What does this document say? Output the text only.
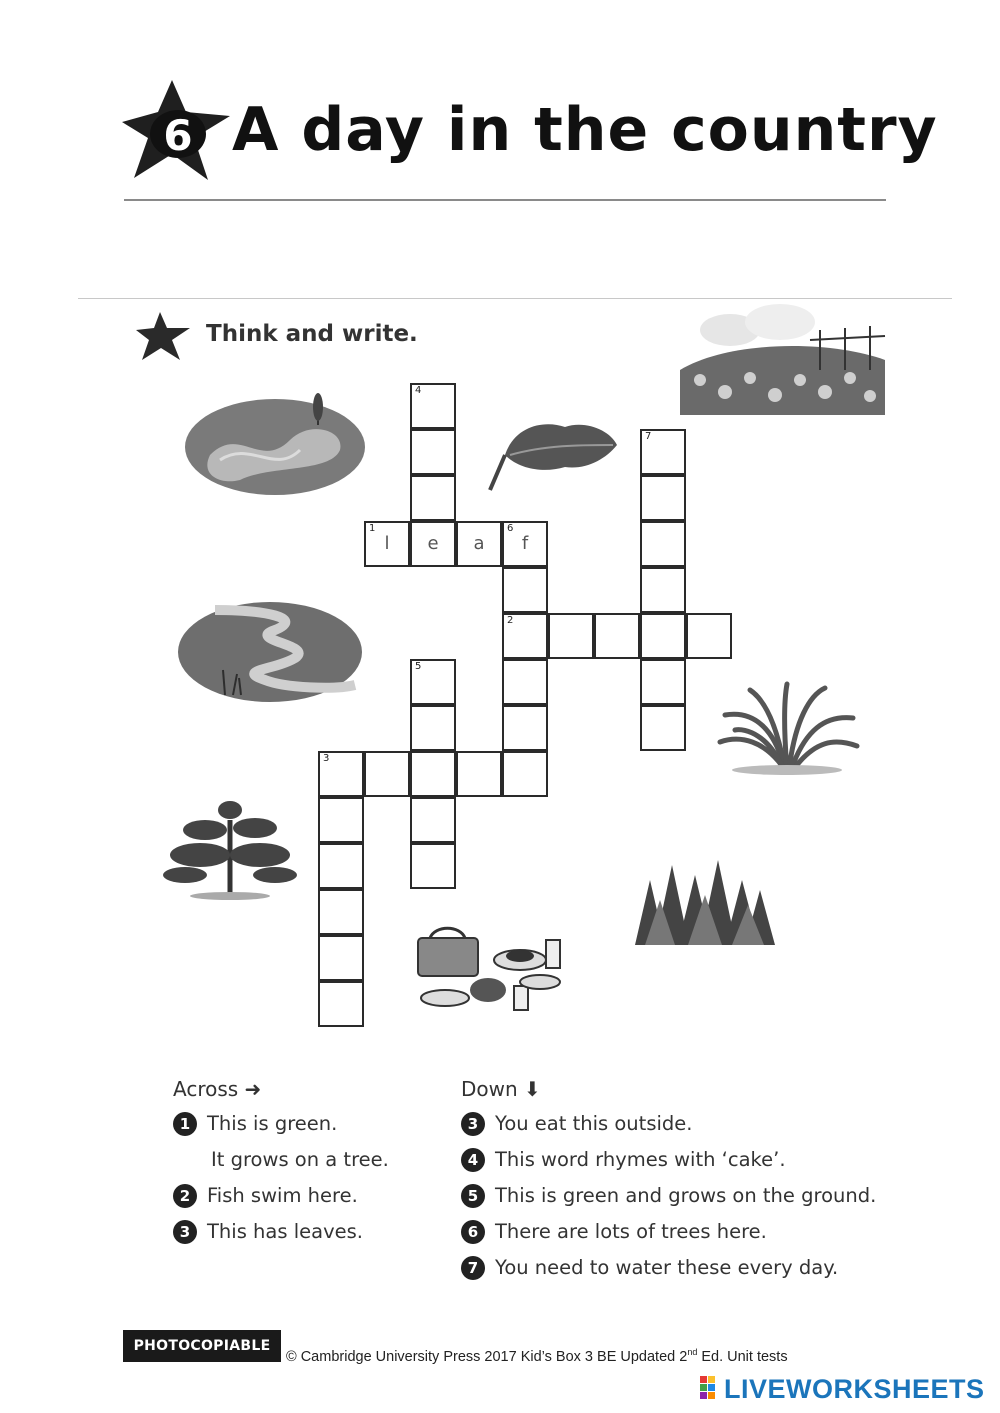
6 A day in the country
Think and write.
4
1
l	e	a
6
f
2
7
5
3
Across ➜	Down ⬇
1 This is green.
It grows on a tree.
2 Fish swim here.
3 This has leaves.
3 You eat this outside.
4 This word rhymes with ‘cake’.
5 This is green and grows on the ground.
6 There are lots of trees here.
7 You need to water these every day.
PHOTOCOPIABLE
© Cambridge University Press 2017 Kid’s Box 3 BE Updated 2nd Ed. Unit tests
LIVEWORKSHEETS
